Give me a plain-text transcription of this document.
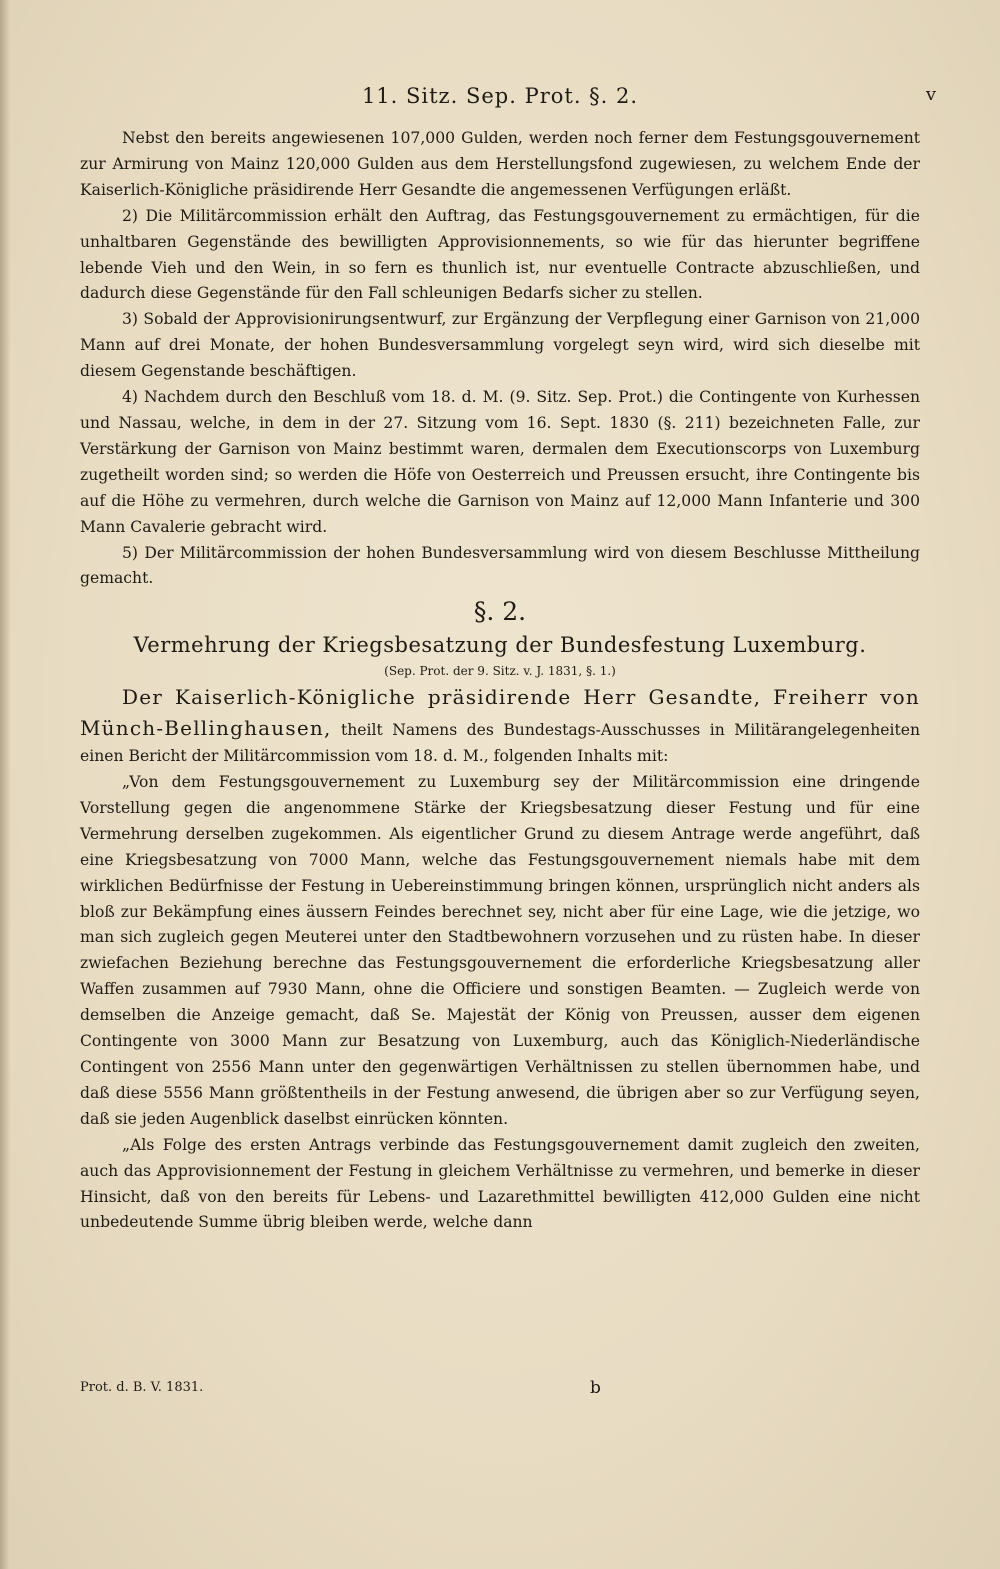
11. Sitz. Sep. Prot. §. 2.	v

Nebst den bereits angewiesenen 107,000 Gulden, werden noch ferner dem Festungsgouvernement zur Armirung von Mainz 120,000 Gulden aus dem Herstellungsfond zugewiesen, zu welchem Ende der Kaiserlich-Königliche präsidirende Herr Gesandte die angemessenen Verfügungen erläßt.

2) Die Militärcommission erhält den Auftrag, das Festungsgouvernement zu ermächtigen, für die unhaltbaren Gegenstände des bewilligten Approvisionnements, so wie für das hierunter begriffene lebende Vieh und den Wein, in so fern es thunlich ist, nur eventuelle Contracte abzuschließen, und dadurch diese Gegenstände für den Fall schleunigen Bedarfs sicher zu stellen.

3) Sobald der Approvisionirungsentwurf, zur Ergänzung der Verpflegung einer Garnison von 21,000 Mann auf drei Monate, der hohen Bundesversammlung vorgelegt seyn wird, wird sich dieselbe mit diesem Gegenstande beschäftigen.

4) Nachdem durch den Beschluß vom 18. d. M. (9. Sitz. Sep. Prot.) die Contingente von Kurhessen und Nassau, welche, in dem in der 27. Sitzung vom 16. Sept. 1830 (§. 211) bezeichneten Falle, zur Verstärkung der Garnison von Mainz bestimmt waren, dermalen dem Executionscorps von Luxemburg zugetheilt worden sind; so werden die Höfe von Oesterreich und Preussen ersucht, ihre Contingente bis auf die Höhe zu vermehren, durch welche die Garnison von Mainz auf 12,000 Mann Infanterie und 300 Mann Cavalerie gebracht wird.

5) Der Militärcommission der hohen Bundesversammlung wird von diesem Beschlusse Mittheilung gemacht.

§. 2.
Vermehrung der Kriegsbesatzung der Bundesfestung Luxemburg.
(Sep. Prot. der 9. Sitz. v. J. 1831, §. 1.)

Der Kaiserlich-Königliche präsidirende Herr Gesandte, Freiherr von Münch-Bellinghausen, theilt Namens des Bundestags-Ausschusses in Militärangelegenheiten einen Bericht der Militärcommission vom 18. d. M., folgenden Inhalts mit:

„Von dem Festungsgouvernement zu Luxemburg sey der Militärcommission eine dringende Vorstellung gegen die angenommene Stärke der Kriegsbesatzung dieser Festung und für eine Vermehrung derselben zugekommen. Als eigentlicher Grund zu diesem Antrage werde angeführt, daß eine Kriegsbesatzung von 7000 Mann, welche das Festungsgouvernement niemals habe mit dem wirklichen Bedürfnisse der Festung in Uebereinstimmung bringen können, ursprünglich nicht anders als bloß zur Bekämpfung eines äussern Feindes berechnet sey, nicht aber für eine Lage, wie die jetzige, wo man sich zugleich gegen Meuterei unter den Stadtbewohnern vorzusehen und zu rüsten habe. In dieser zwiefachen Beziehung berechne das Festungsgouvernement die erforderliche Kriegsbesatzung aller Waffen zusammen auf 7930 Mann, ohne die Officiere und sonstigen Beamten. — Zugleich werde von demselben die Anzeige gemacht, daß Se. Majestät der König von Preussen, ausser dem eigenen Contingente von 3000 Mann zur Besatzung von Luxemburg, auch das Königlich-Niederländische Contingent von 2556 Mann unter den gegenwärtigen Verhältnissen zu stellen übernommen habe, und daß diese 5556 Mann größtentheils in der Festung anwesend, die übrigen aber so zur Verfügung seyen, daß sie jeden Augenblick daselbst einrücken könnten.

„Als Folge des ersten Antrags verbinde das Festungsgouvernement damit zugleich den zweiten, auch das Approvisionnement der Festung in gleichem Verhältnisse zu vermehren, und bemerke in dieser Hinsicht, daß von den bereits für Lebens- und Lazarethmittel bewilligten 412,000 Gulden eine nicht unbedeutende Summe übrig bleiben werde, welche dann

Prot. d. B. V. 1831.	b
